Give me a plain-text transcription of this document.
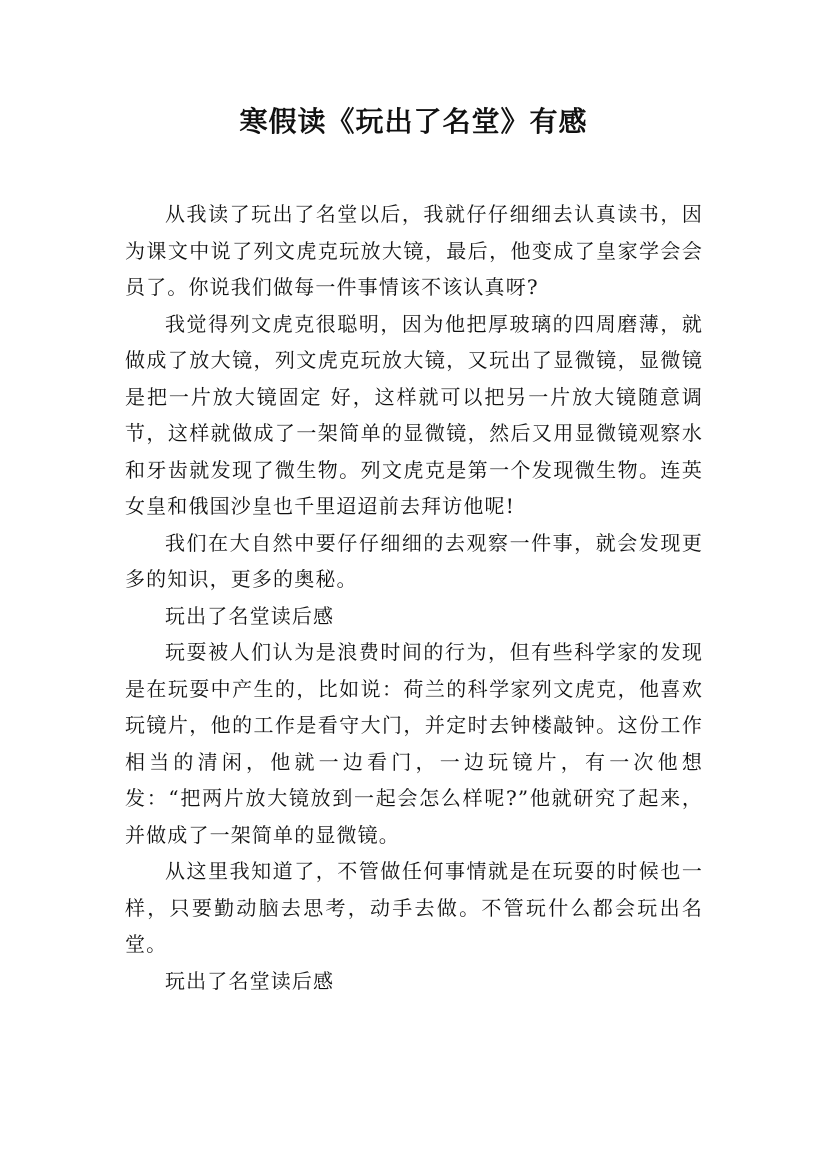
寒假读《玩出了名堂》有感

从我读了玩出了名堂以后，我就仔仔细细去认真读书，因为课文中说了列文虎克玩放大镜，最后，他变成了皇家学会会员了。你说我们做每一件事情该不该认真呀?

我觉得列文虎克很聪明，因为他把厚玻璃的四周磨薄，就做成了放大镜，列文虎克玩放大镜，又玩出了显微镜，显微镜是把一片放大镜固定 好，这样就可以把另一片放大镜随意调节，这样就做成了一架简单的显微镜，然后又用显微镜观察水和牙齿就发现了微生物。列文虎克是第一个发现微生物。连英女皇和俄国沙皇也千里迢迢前去拜访他呢!

我们在大自然中要仔仔细细的去观察一件事，就会发现更多的知识，更多的奥秘。

玩出了名堂读后感

玩耍被人们认为是浪费时间的行为，但有些科学家的发现是在玩耍中产生的，比如说：荷兰的科学家列文虎克，他喜欢玩镜片，他的工作是看守大门，并定时去钟楼敲钟。这份工作相当的清闲，他就一边看门，一边玩镜片，有一次他想发：“把两片放大镜放到一起会怎么样呢?”他就研究了起来，并做成了一架简单的显微镜。

从这里我知道了，不管做任何事情就是在玩耍的时候也一样，只要勤动脑去思考，动手去做。不管玩什么都会玩出名堂。

玩出了名堂读后感
